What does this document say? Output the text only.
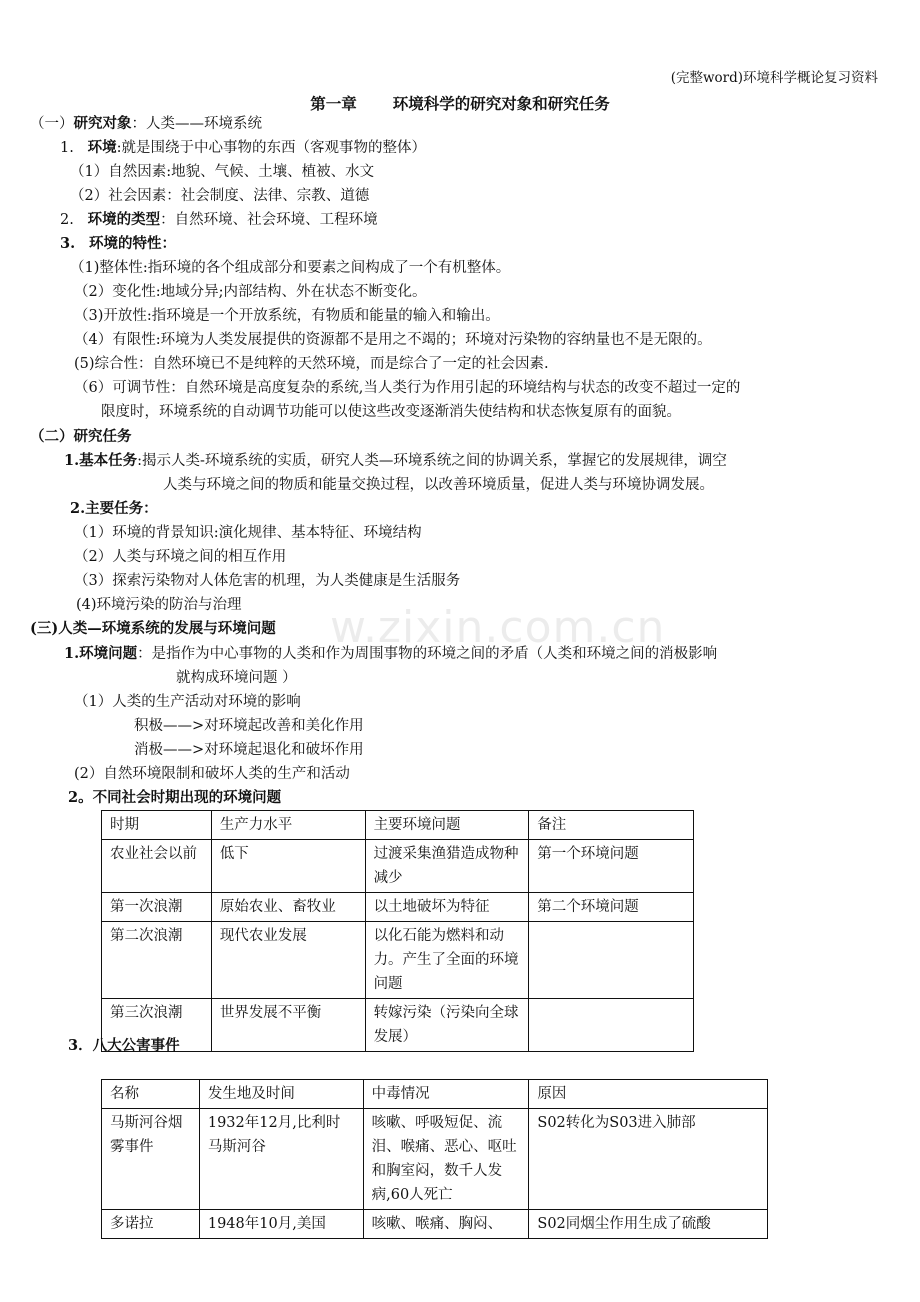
(完整word)环境科学概论复习资料
第一章 环境科学的研究对象和研究任务
w.zixin.com.cn
（一）研究对象：人类——环境系统
1. 环境:就是围绕于中心事物的东西（客观事物的整体）
（1）自然因素:地貌、气候、土壤、植被、水文
（2）社会因素：社会制度、法律、宗教、道德
2. 环境的类型：自然环境、社会环境、工程环境
3. 环境的特性：
（1)整体性:指环境的各个组成部分和要素之间构成了一个有机整体。
（2）变化性:地域分异;内部结构、外在状态不断变化。
（3)开放性:指环境是一个开放系统，有物质和能量的输入和输出。
（4）有限性:环境为人类发展提供的资源都不是用之不竭的；环境对污染物的容纳量也不是无限的。
(5)综合性：自然环境已不是纯粹的天然环境，而是综合了一定的社会因素.
（6）可调节性：自然环境是高度复杂的系统,当人类行为作用引起的环境结构与状态的改变不超过一定的
限度时，环境系统的自动调节功能可以使这些改变逐渐消失使结构和状态恢复原有的面貌。
（二）研究任务
1.基本任务:揭示人类-环境系统的实质，研究人类—环境系统之间的协调关系，掌握它的发展规律，调空
人类与环境之间的物质和能量交换过程，以改善环境质量，促进人类与环境协调发展。
2.主要任务：
（1）环境的背景知识:演化规律、基本特征、环境结构
（2）人类与环境之间的相互作用
（3）探索污染物对人体危害的机理，为人类健康是生活服务
(4)环境污染的防治与治理
(三)人类—环境系统的发展与环境问题
1.环境问题：是指作为中心事物的人类和作为周围事物的环境之间的矛盾（人类和环境之间的消极影响
就构成环境问题 ）
（1）人类的生产活动对环境的影响
积极——>对环境起改善和美化作用
消极——>对环境起退化和破坏作用
(2）自然环境限制和破坏人类的生产和活动
2。不同社会时期出现的环境问题
时期	生产力水平	主要环境问题	备注
农业社会以前	低下	过渡采集渔猎造成物种减少	第一个环境问题
第一次浪潮	原始农业、畜牧业	以土地破坏为特征	第二个环境问题
第二次浪潮	现代农业发展	以化石能为燃料和动力。产生了全面的环境问题	
第三次浪潮	世界发展不平衡	转嫁污染（污染向全球发展）	
3．八大公害事件
名称	发生地及时间	中毒情况	原因
马斯河谷烟雾事件	1932年12月,比利时马斯河谷	咳嗽、呼吸短促、流泪、喉痛、恶心、呕吐和胸室闷，数千人发病,60人死亡	S02转化为S03进入肺部
多诺拉	1948年10月,美国	咳嗽、喉痛、胸闷、	S02同烟尘作用生成了硫酸
